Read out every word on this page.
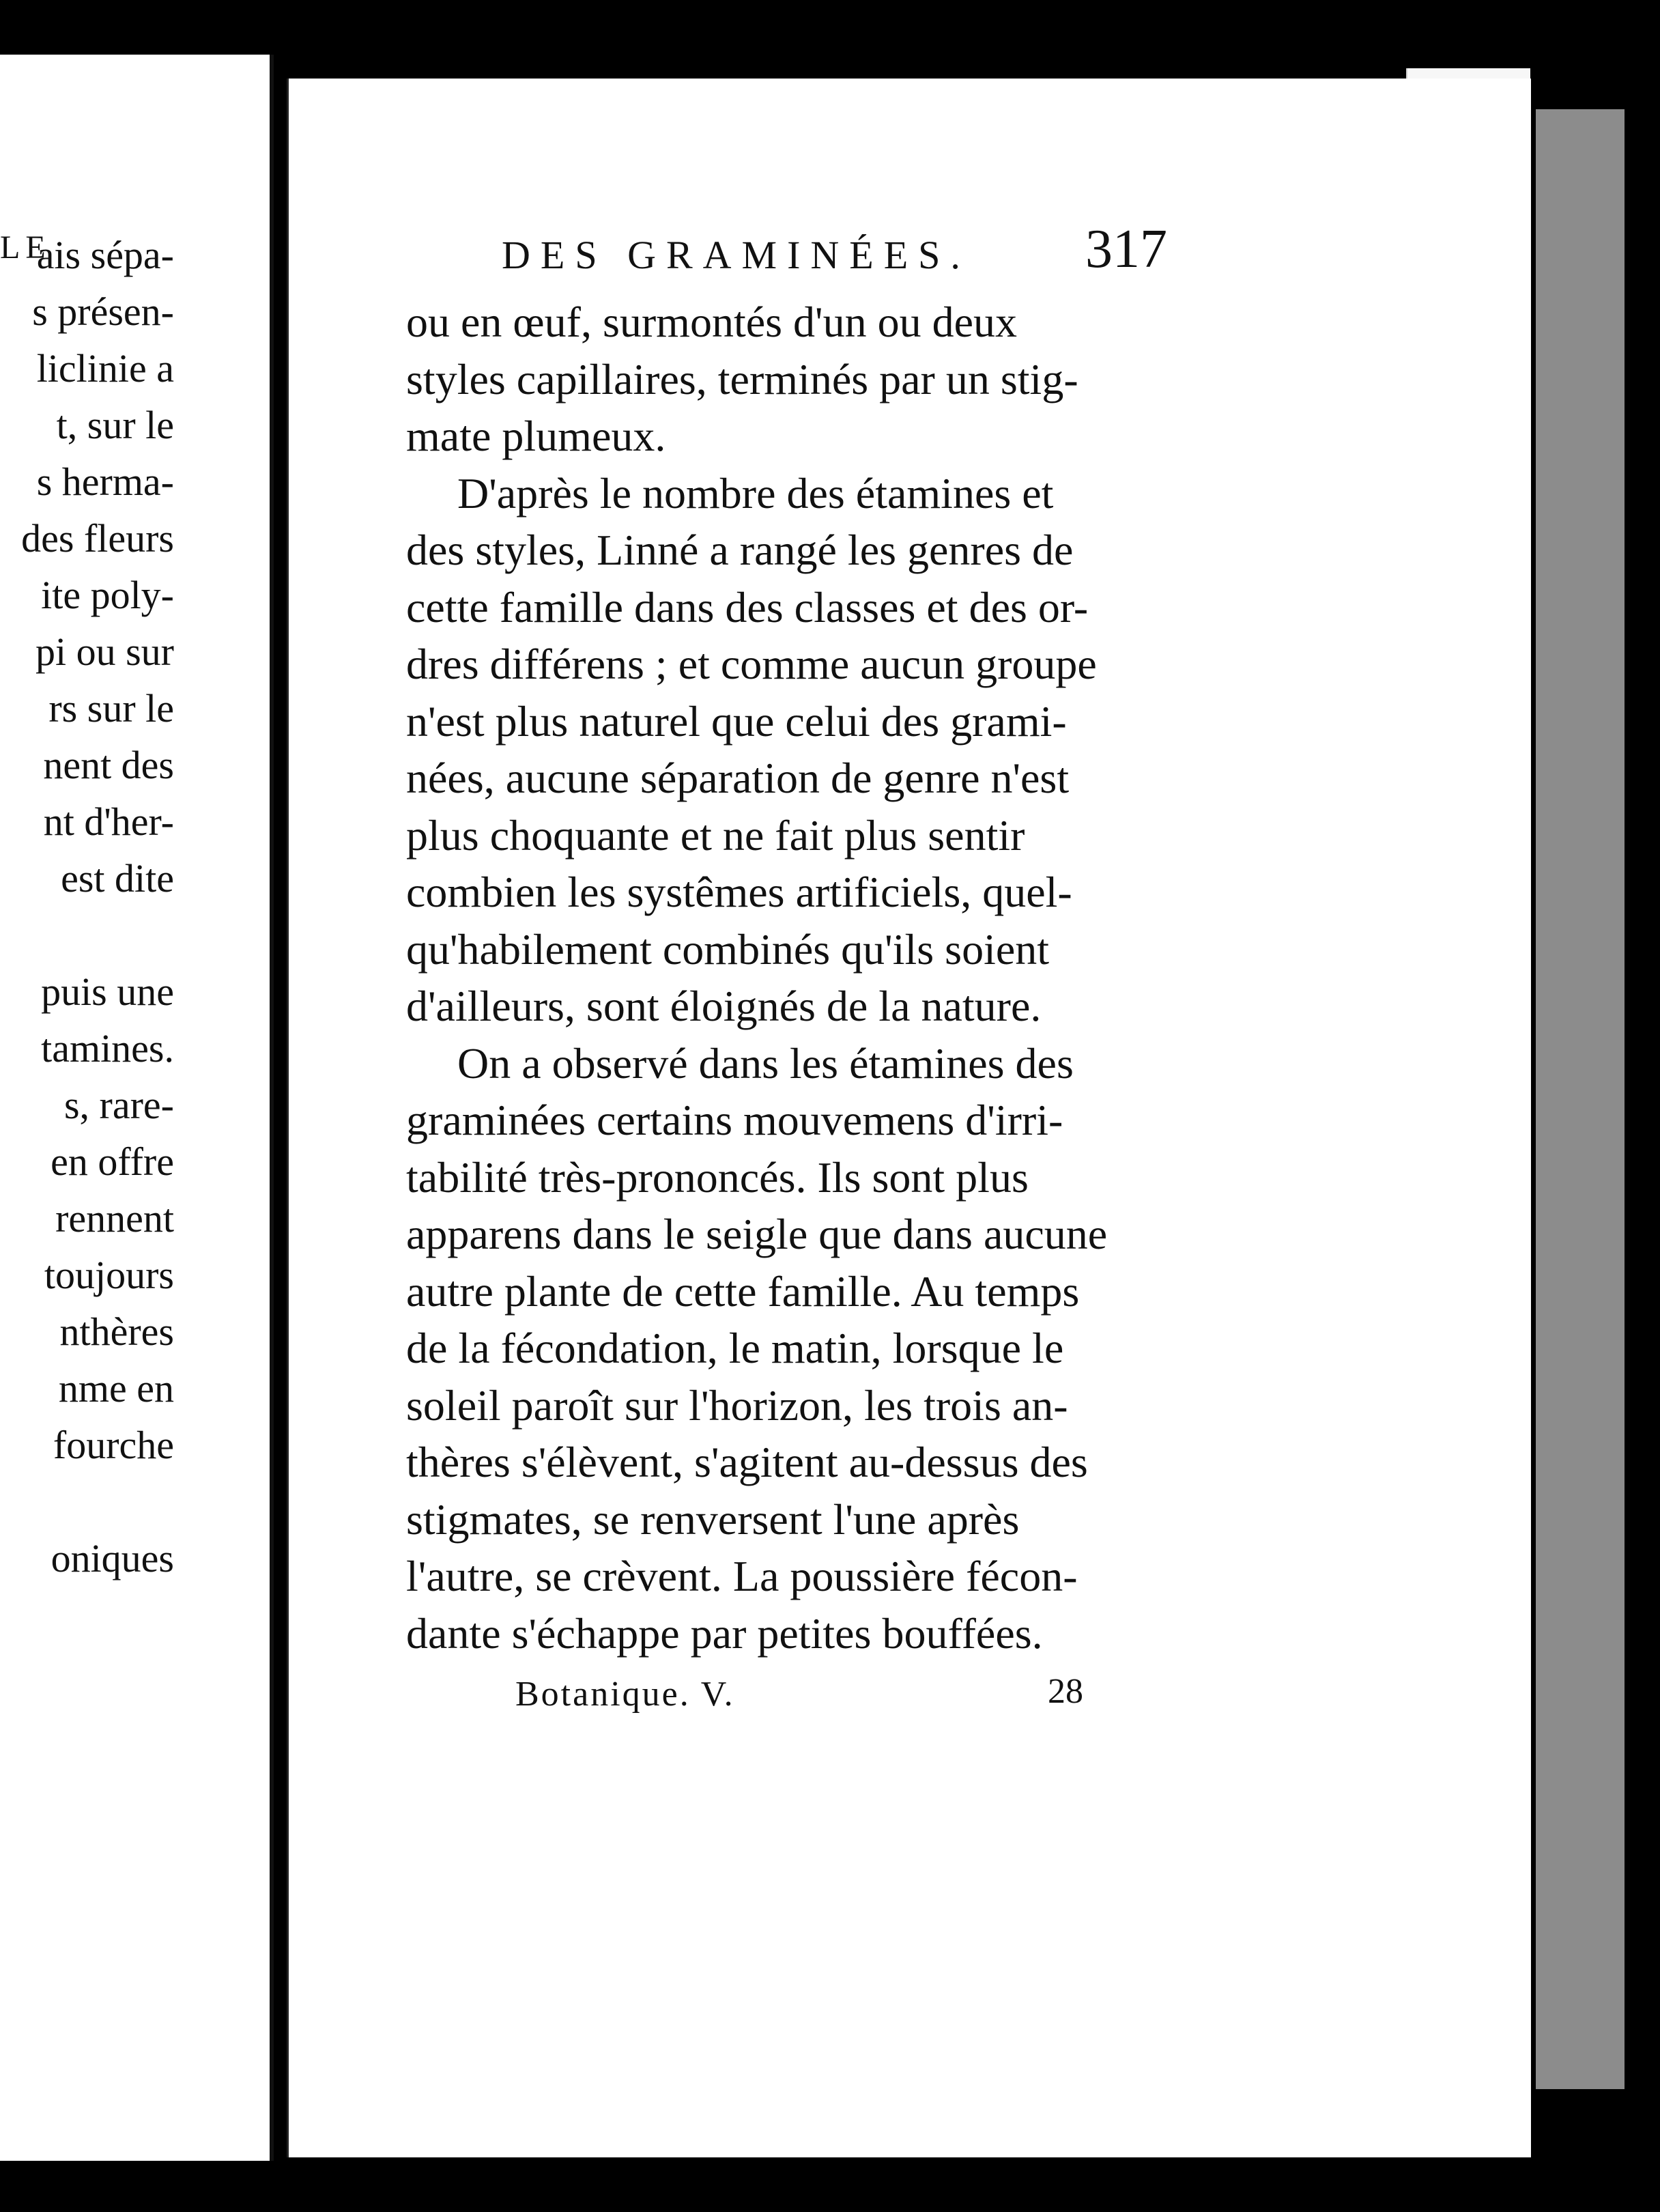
LE
ais sépa-
s présen-
liclinie a
t, sur le
s herma-
des fleurs
ite poly-
pi ou sur
rs sur le
nent des
nt d'her-
est dite
puis une
tamines.
s, rare-
en offre
rennent
toujours
nthères
nme en
fourche
oniques
DES GRAMINÉES. 317
ou en œuf, surmontés d'un ou deux
styles capillaires, terminés par un stig-
mate plumeux.
D'après le nombre des étamines et
des styles, Linné a rangé les genres de
cette famille dans des classes et des or-
dres différens ; et comme aucun groupe
n'est plus naturel que celui des grami-
nées, aucune séparation de genre n'est
plus choquante et ne fait plus sentir
combien les systêmes artificiels, quel-
qu'habilement combinés qu'ils soient
d'ailleurs, sont éloignés de la nature.
On a observé dans les étamines des
graminées certains mouvemens d'irri-
tabilité très-prononcés. Ils sont plus
apparens dans le seigle que dans aucune
autre plante de cette famille. Au temps
de la fécondation, le matin, lorsque le
soleil paroît sur l'horizon, les trois an-
thères s'élèvent, s'agitent au-dessus des
stigmates, se renversent l'une après
l'autre, se crèvent. La poussière fécon-
dante s'échappe par petites bouffées.
Botanique. V.	28
